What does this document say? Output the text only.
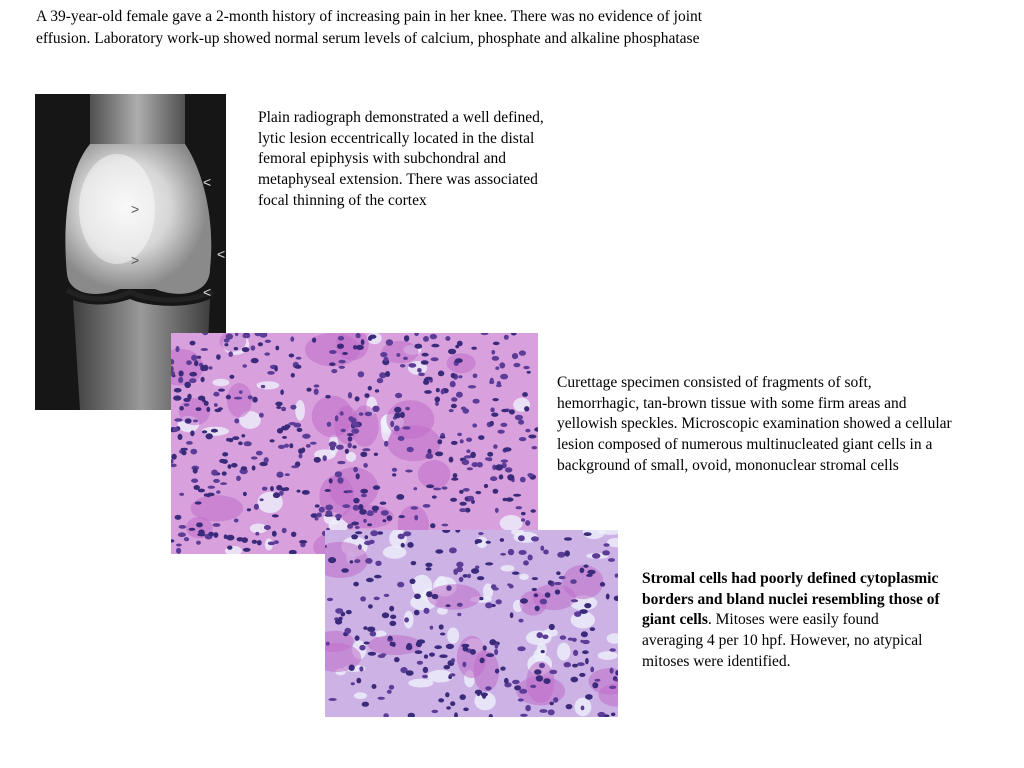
A 39-year-old female gave a 2-month history of increasing pain in her knee. There was no evidence of joint effusion. Laboratory work-up showed normal serum levels of calcium, phosphate and alkaline phosphatase
>
>
<
<
<
Plain radiograph demonstrated a well defined, lytic lesion eccentrically located in the distal femoral epiphysis with subchondral and metaphyseal extension. There was associated focal thinning of the cortex
Curettage specimen consisted of fragments of soft, hemorrhagic, tan-brown tissue with some firm areas and yellowish speckles. Microscopic examination showed a cellular lesion composed of numerous multinucleated giant cells in a background of small, ovoid, mononuclear stromal cells
Stromal cells had poorly defined cytoplasmic borders and bland nuclei resembling those of giant cells. Mitoses were easily found averaging 4 per 10 hpf. However, no atypical mitoses were identified.
